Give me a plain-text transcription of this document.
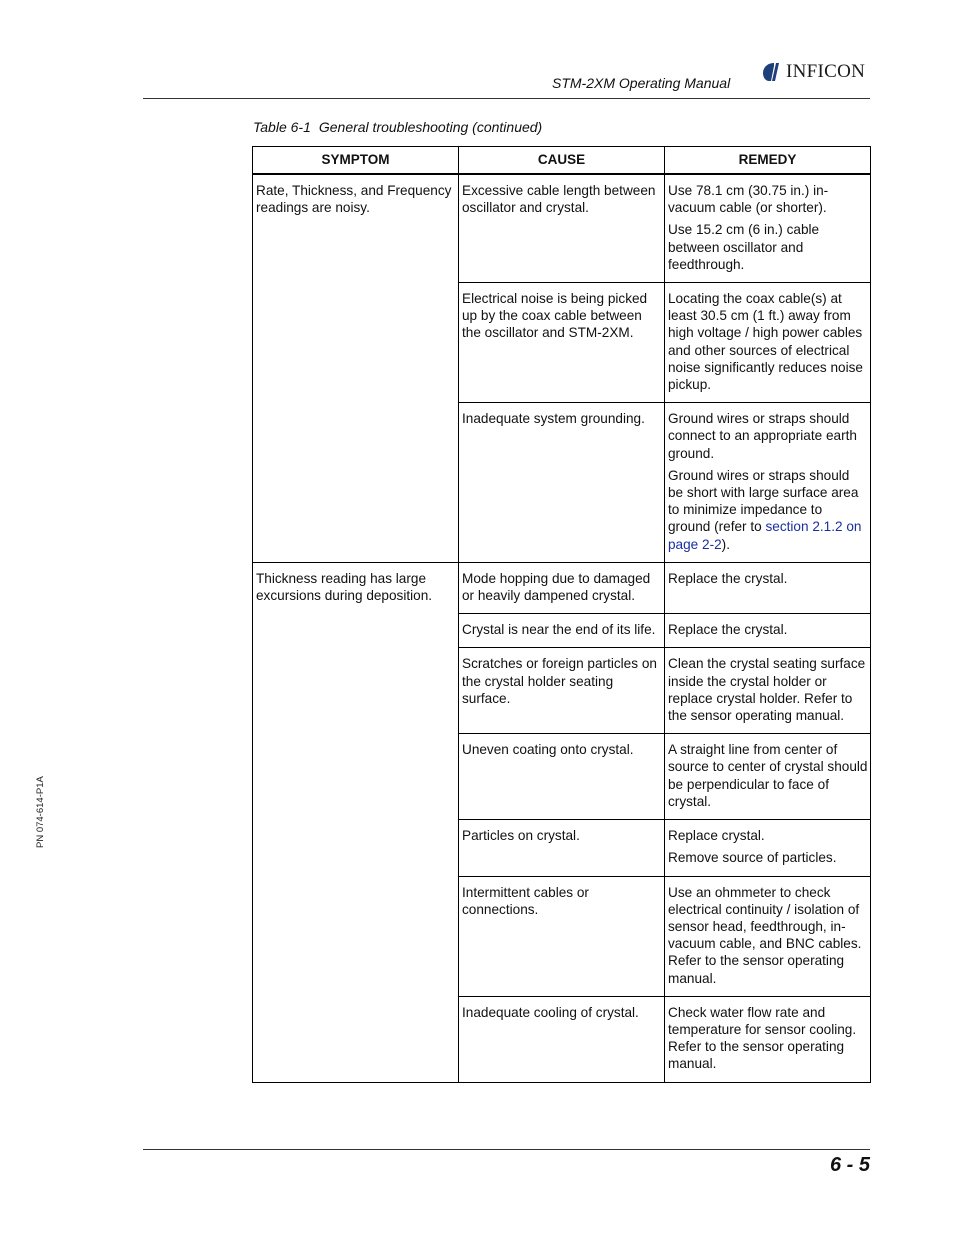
STM-2XM Operating Manual
INFICON
Table 6-1 General troubleshooting (continued)
SYMPTOM	CAUSE	REMEDY

Rate, Thickness, and Frequency readings are noisy.	Excessive cable length between oscillator and crystal.	Use 78.1 cm (30.75 in.) in-vacuum cable (or shorter).

Use 15.2 cm (6 in.) cable between oscillator and feedthrough.

	Electrical noise is being picked up by the coax cable between the oscillator and STM-2XM.	Locating the coax cable(s) at least 30.5 cm (1 ft.) away from high voltage / high power cables and other sources of electrical noise significantly reduces noise pickup.

	Inadequate system grounding.	Ground wires or straps should connect to an appropriate earth ground.

Ground wires or straps should be short with large surface area to minimize impedance to ground (refer to section 2.1.2 on page 2-2).

Thickness reading has large excursions during deposition.	Mode hopping due to damaged or heavily dampened crystal.	Replace the crystal.

	Crystal is near the end of its life.	Replace the crystal.

	Scratches or foreign particles on the crystal holder seating surface.	Clean the crystal seating surface inside the crystal holder or replace crystal holder. Refer to the sensor operating manual.

	Uneven coating onto crystal.	A straight line from center of source to center of crystal should be perpendicular to face of crystal.

	Particles on crystal.	Replace crystal.

Remove source of particles.

	Intermittent cables or connections.	Use an ohmmeter to check electrical continuity / isolation of sensor head, feedthrough, in-vacuum cable, and BNC cables. Refer to the sensor operating manual.

	Inadequate cooling of crystal.	Check water flow rate and temperature for sensor cooling. Refer to the sensor operating manual.

PN 074-614-P1A
6 - 5
